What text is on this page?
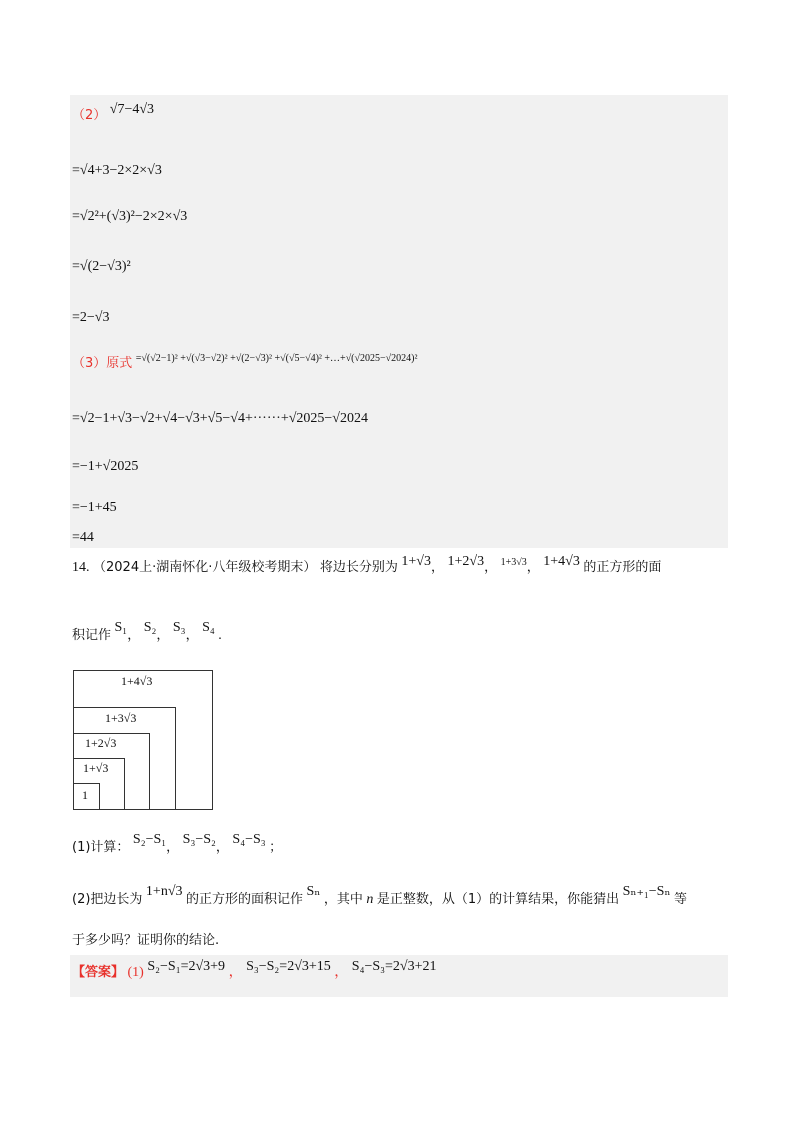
（2） √7−4√3
=√4+3−2×2×√3
=√2²+(√3)²−2×2×√3
=√(2−√3)²
=2−√3
（3）原式 $^{=√(√2-1)^2 +√(√3-√2)^2 +√(2-√3)^2 +√(√5-√4)^2 +\dots+√(√2025-√2024)^2}$
=√2−1+√3−√2+√4−√3+√5−√4+······+√2025−√2024
=−1+√2025
=−1+45
=44
14. （2024上·湖南怀化·八年级校考期末） 将边长分别为 1+√3， 1+2√3， $^{1+3√3}$， 1+4√3 的正方形的面
积记作 S₁， S₂， S₃， S₄ .
1+4√3
1+3√3
1+2√3
1+√3
1
(1)计算： S₂−S₁， S₃−S₂， S₄−S₃ ；
(2)把边长为 1+n√3 的正方形的面积记作 Sₙ ，其中 n 是正整数，从（1）的计算结果，你能猜出 Sₙ₊₁−Sₙ 等
于多少吗？证明你的结论.
【答案】 (1) S₂−S₁=2√3+9 ， S₃−S₂=2√3+15 ， S₄−S₃=2√3+21
